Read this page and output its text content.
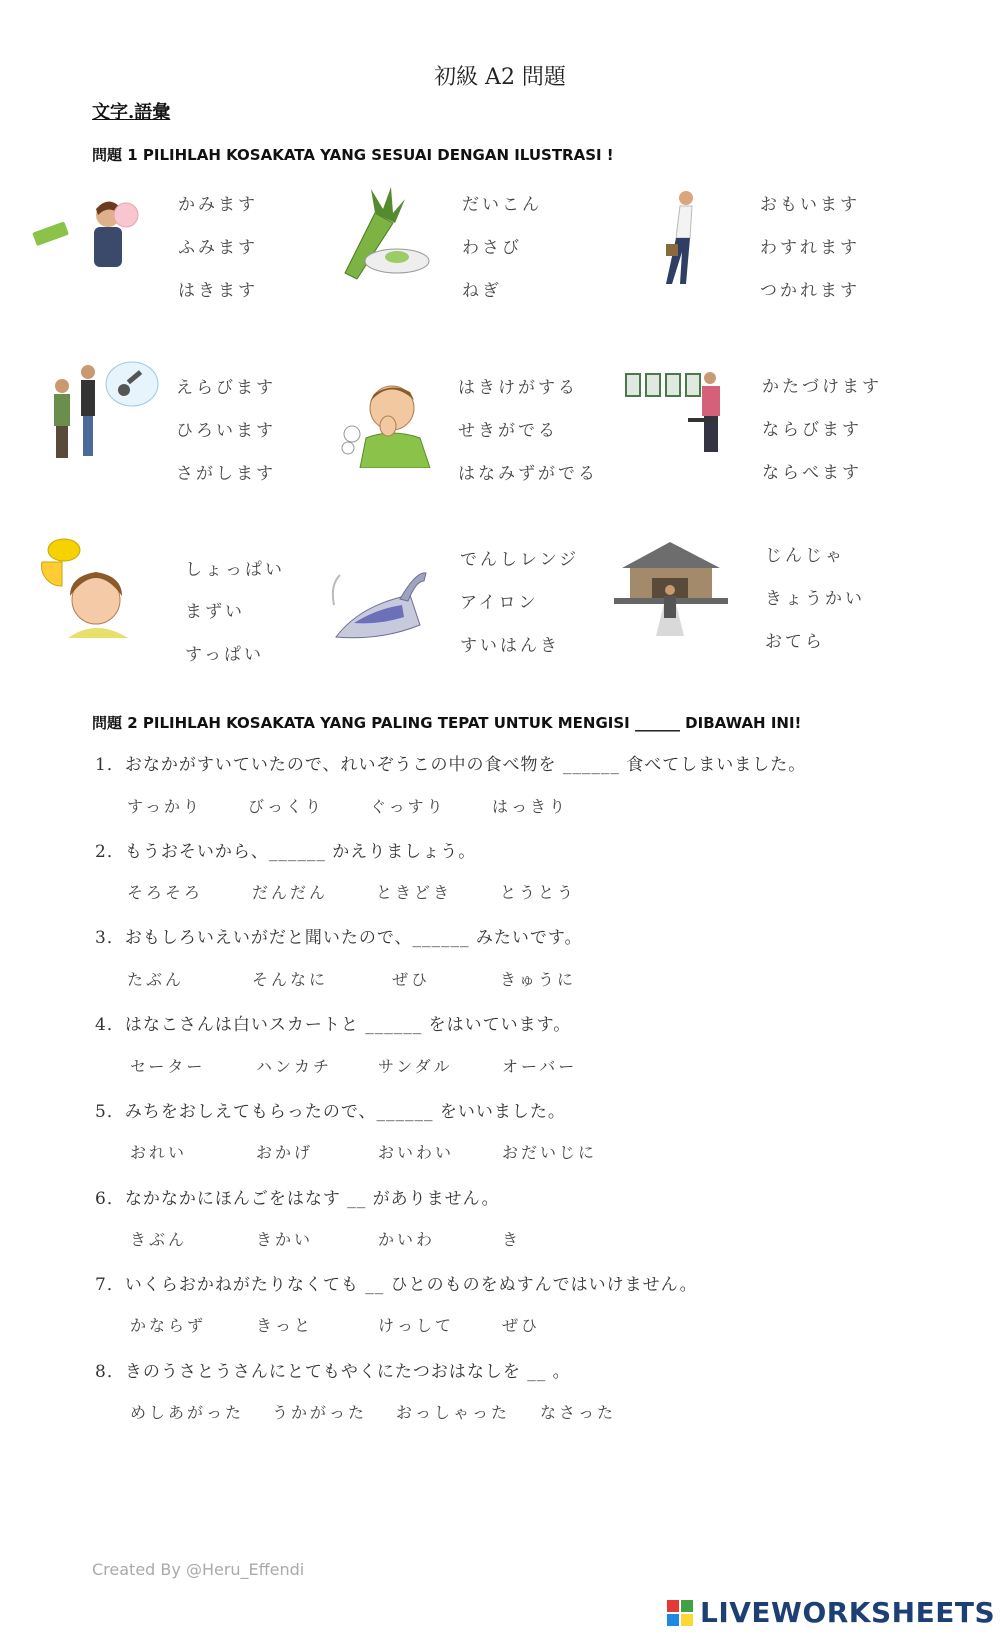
初級 A2 問題
文字.語彙
問題 1 PILIHLAH KOSAKATA YANG SESUAI DENGAN ILUSTRASI !
かみます
ふみます
はきます
だいこん
わさび
ねぎ
おもいます
わすれます
つかれます
えらびます
ひろいます
さがします
はきけがする
せきがでる
はなみずがでる
かたづけます
ならびます
ならべます
しょっぱい
まずい
すっぱい
でんしレンジ
アイロン
すいはんき
じんじゃ
きょうかい
おてら
問題 2 PILIHLAH KOSAKATA YANG PALING TEPAT UNTUK MENGISI ______ DIBAWAH INI!
1．おなかがすいていたので、れいぞうこの中の食べ物を ______ 食べてしまいました。
すっかり	びっくり	ぐっすり	はっきり
2．もうおそいから、______ かえりましょう。
そろそろ	だんだん	ときどき	とうとう
3．おもしろいえいがだと聞いたので、______ みたいです。
たぶん	そんなに	ぜひ	きゅうに
4．はなこさんは白いスカートと ______ をはいています。
セーター	ハンカチ	サンダル	オーバー
5．みちをおしえてもらったので、______ をいいました。
おれい	おかげ	おいわい	おだいじに
6．なかなかにほんごをはなす __ がありません。
きぶん	きかい	かいわ	き
7．いくらおかねがたりなくても __ ひとのものをぬすんではいけません。
かならず	きっと	けっして	ぜひ
8．きのうさとうさんにとてもやくにたつおはなしを __ 。
めしあがった うかがった おっしゃった なさった
Created By @Heru_Effendi
LIVEWORKSHEETS
